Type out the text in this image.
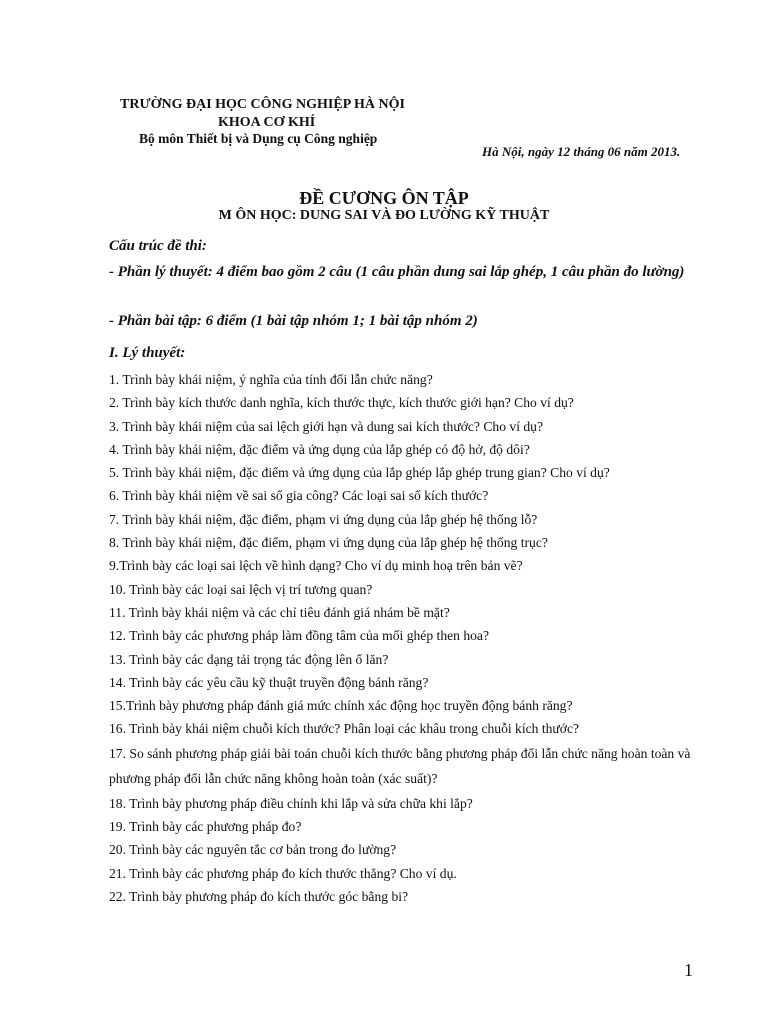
TRƯỜNG ĐẠI HỌC CÔNG NGHIỆP HÀ NỘI
KHOA CƠ KHÍ
Bộ môn Thiết bị và Dụng cụ Công nghiệp
Hà Nội, ngày 12 tháng 06 năm 2013.
ĐỀ CƯƠNG ÔN TẬP
M ÔN HỌC: DUNG SAI VÀ ĐO LƯỜNG KỸ THUẬT
Cấu trúc đề thi:
- Phần lý thuyết: 4 điểm bao gồm 2 câu (1 câu phần dung sai lắp ghép, 1 câu phần đo lường)
- Phần bài tập: 6 điểm (1 bài tập nhóm 1; 1 bài tập nhóm 2)
I. Lý thuyết:
1. Trình bày khái niệm, ý nghĩa của tính đổi lẫn chức năng?
2. Trình bày kích thước danh nghĩa, kích thước thực, kích thước giới hạn? Cho ví dụ?
3. Trình bày khái niệm của sai lệch giới hạn và dung sai kích thước? Cho ví dụ?
4. Trình bày khái niệm, đặc điểm và ứng dụng của lắp ghép có độ hở, độ dôi?
5. Trình bày khái niệm, đặc điểm và ứng dụng của lắp ghép lắp ghép trung gian? Cho ví dụ?
6. Trình bày khái niệm về sai số gia công? Các loại sai số kích thước?
7. Trình bày khái niệm, đặc điểm, phạm vi ứng dụng của lắp ghép hệ thống lỗ?
8. Trình bày khái niệm, đặc điểm, phạm vi ứng dụng của lắp ghép hệ thống trục?
9.Trình bày các loại sai lệch về hình dạng? Cho ví dụ minh hoạ trên bản vẽ?
10. Trình bày các loại sai lệch vị trí tương quan?
11. Trình bày khái niệm và các chỉ tiêu đánh giá nhám bề mặt?
12. Trình bày các phương pháp làm đồng tâm của mối ghép then hoa?
13. Trình bày các dạng tải trọng tác động lên ổ lăn?
14. Trình bày các yêu cầu kỹ thuật truyền động bánh răng?
15.Trình bày phương pháp đánh giá mức chính xác động học truyền động bánh răng?
16. Trình bày khái niệm chuỗi kích thước? Phân loại các khâu trong chuỗi kích thước?
17. So sánh phương pháp giải bài toán chuỗi kích thước bằng phương pháp đổi lẫn chức năng hoàn toàn và phương pháp đổi lẫn chức năng không hoàn toàn (xác suất)?
18. Trình bày phương pháp điều chỉnh khi lắp và sửa chữa khi lắp?
19. Trình bày các phương pháp đo?
20. Trình bày các nguyên tắc cơ bản trong đo lường?
21. Trình bày các phương pháp đo kích thước thẳng? Cho ví dụ.
22. Trình bày phương pháp đo kích thước góc bằng bi?
1
